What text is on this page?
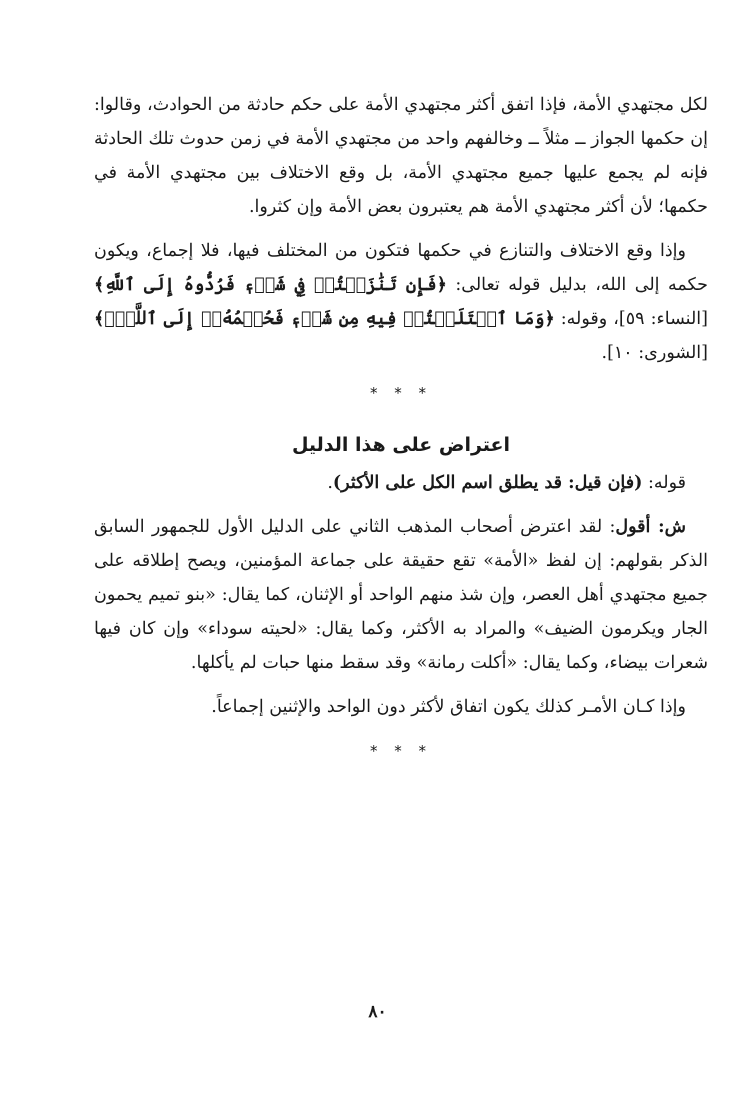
لكل مجتهدي الأمة، فإذا اتفق أكثر مجتهدي الأمة على حكم حادثة من الحوادث، وقالوا: إن حكمها الجواز ــ مثلاً ــ وخالفهم واحد من مجتهدي الأمة في زمن حدوث تلك الحادثة فإنه لم يجمع عليها جميع مجتهدي الأمة، بل وقع الاختلاف بين مجتهدي الأمة في حكمها؛ لأن أكثر مجتهدي الأمة هم يعتبرون بعض الأمة وإن كثروا.

وإذا وقع الاختلاف والتنازع في حكمها فتكون من المختلف فيها، فلا إجماع، ويكون حكمه إلى الله، بدليل قوله تعالى: ﴿فَإِن تَنَٰزَعۡتُمۡ فِي شَيۡءٖ فَرُدُّوهُ إِلَى ٱللَّهِ﴾ [النساء: ٥٩]، وقوله: ﴿وَمَا ٱخۡتَلَفۡتُمۡ فِيهِ مِن شَيۡءٖ فَحُكۡمُهُۥٓ إِلَى ٱللَّهِۚ﴾ [الشورى: ١٠].

* * *
اعتراض على هذا الدليل

قوله: (فإن قيل: قد يطلق اسم الكل على الأكثر).

ش: أقول: لقد اعترض أصحاب المذهب الثاني على الدليل الأول للجمهور السابق الذكر بقولهم: إن لفظ «الأمة» تقع حقيقة على جماعة المؤمنين، ويصح إطلاقه على جميع مجتهدي أهل العصر، وإن شذ منهم الواحد أو الإثنان، كما يقال: «بنو تميم يحمون الجار ويكرمون الضيف» والمراد به الأكثر، وكما يقال: «لحيته سوداء» وإن كان فيها شعرات بيضاء، وكما يقال: «أكلت رمانة» وقد سقط منها حبات لم يأكلها.

وإذا كـان الأمـر كذلك يكون اتفاق لأكثر دون الواحد والإثنين إجماعاً.

* * *
٨٠
